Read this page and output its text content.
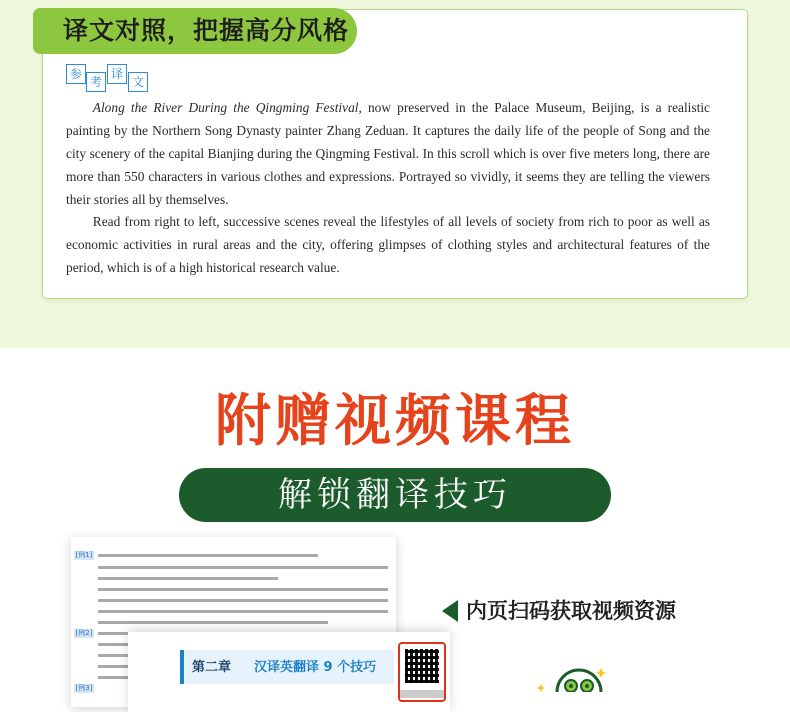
译文对照，把握高分风格
参
考
译
文

  Along the River During the Qingming Festival, now preserved in the Palace Museum, Beijing, is a realistic painting by the Northern Song Dynasty painter Zhang Zeduan. It captures the daily life of the people of Song and the city scenery of the capital Bianjing during the Qingming Festival. In this scroll which is over five meters long, there are more than 550 characters in various clothes and expressions. Portrayed so vividly, it seems they are telling the viewers their stories all by themselves.

  Read from right to left, successive scenes reveal the lifestyles of all levels of society from rich to poor as well as economic activities in rural areas and the city, offering glimpses of clothing styles and architectural features of the period, which is of a high historical research value.

附赠视频课程
解锁翻译技巧
[例1]
[例2]
[例3]
第二章 汉译英翻译 9 个技巧
内页扫码获取视频资源
